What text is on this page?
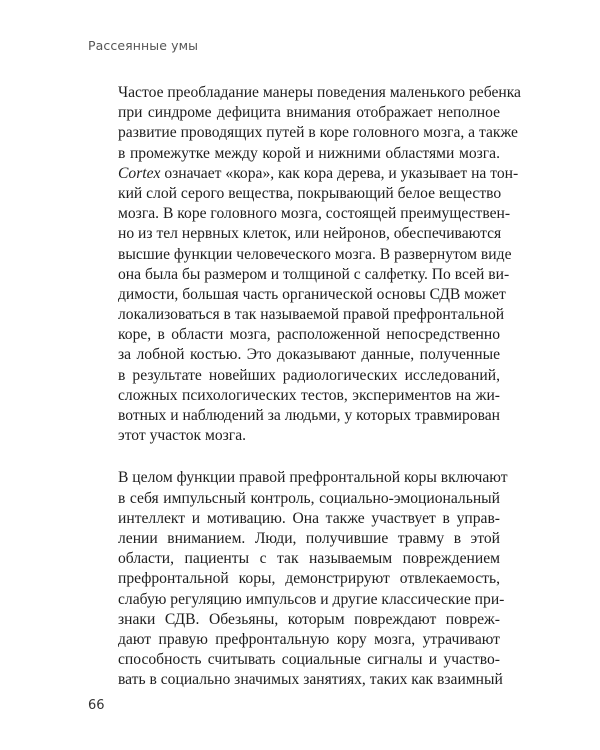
Рассеянные умы
Частое преобладание манеры поведения маленького ребенка
при синдроме дефицита внимания отображает неполное
развитие проводящих путей в коре головного мозга, а также
в промежутке между корой и нижними областями мозга.
Cortex означает «кора», как кора дерева, и указывает на тон-
кий слой серого вещества, покрывающий белое вещество
мозга. В коре головного мозга, состоящей преимуществен-
но из тел нервных клеток, или нейронов, обеспечиваются
высшие функции человеческого мозга. В развернутом виде
она была бы размером и толщиной с салфетку. По всей ви-
димости, большая часть органической основы СДВ может
локализоваться в так называемой правой префронтальной
коре, в области мозга, расположенной непосредственно
за лобной костью. Это доказывают данные, полученные
в результате новейших радиологических исследований,
сложных психологических тестов, экспериментов на жи-
вотных и наблюдений за людьми, у которых травмирован
этот участок мозга.
В целом функции правой префронтальной коры включают
в себя импульсный контроль, социально-эмоциональный
интеллект и мотивацию. Она также участвует в управ-
лении вниманием. Люди, получившие травму в этой
области, пациенты с так называемым повреждением
префронтальной коры, демонстрируют отвлекаемость,
слабую регуляцию импульсов и другие классические при-
знаки СДВ. Обезьяны, которым повреждают повреж-
дают правую префронтальную кору мозга, утрачивают
способность считывать социальные сигналы и участво-
вать в социально значимых занятиях, таких как взаимный
66
